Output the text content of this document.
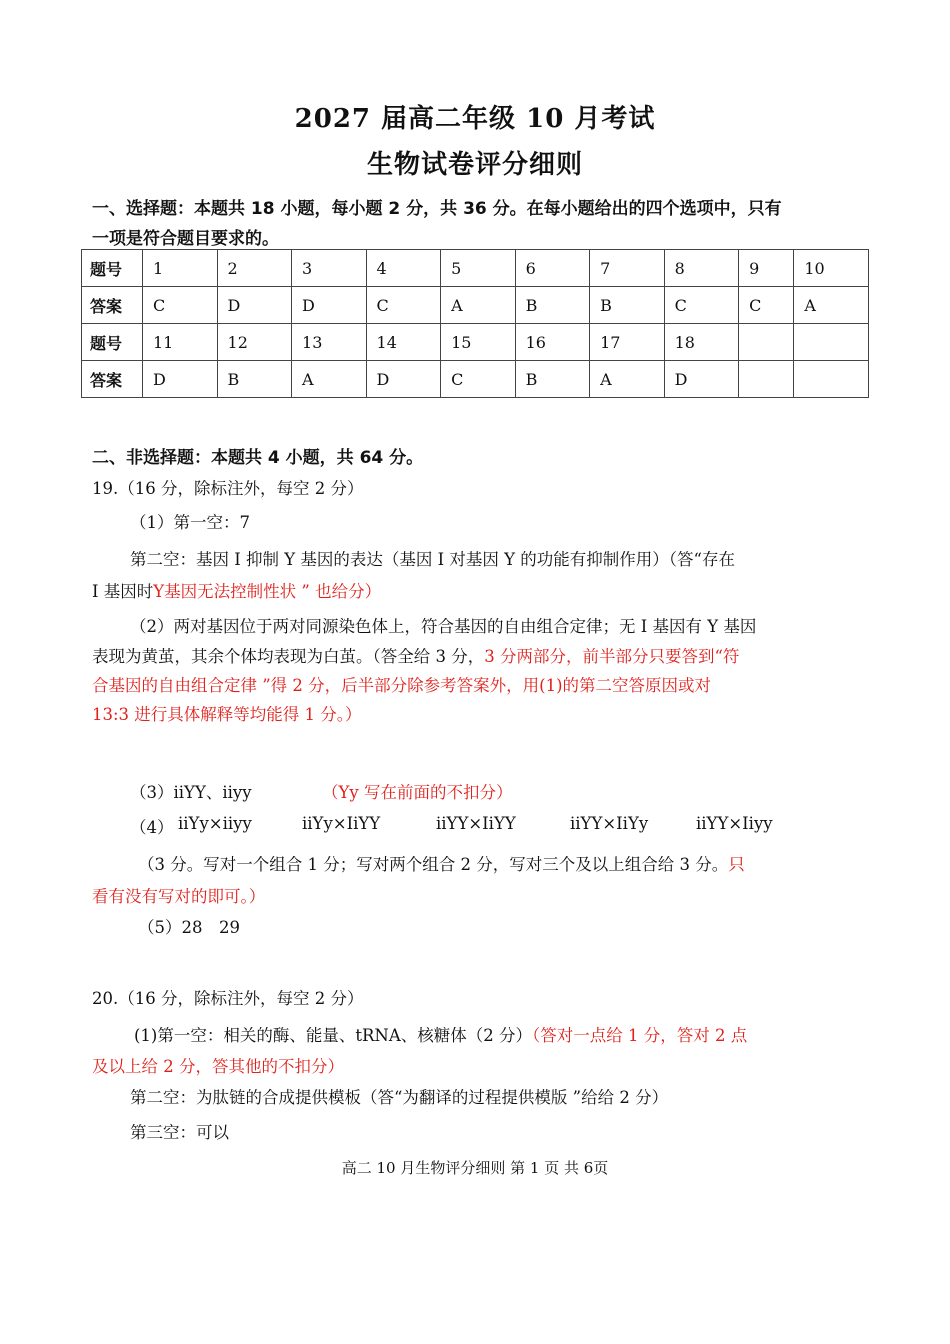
2027 届高二年级 10 月考试
生物试卷评分细则
一、选择题：本题共 18 小题，每小题 2 分，共 36 分。在每小题给出的四个选项中，只有
一项是符合题目要求的。
题号	1	2	3	4	5	6	7	8	9	10
答案	C	D	D	C	A	B	B	C	C	A
题号	11	12	13	14	15	16	17	18		
答案	D	B	A	D	C	B	A	D		
二、非选择题：本题共 4 小题，共 64 分。
19.（16 分，除标注外，每空 2 分）
（1）第一空：7
第二空：基因 I 抑制 Y 基因的表达（基因 I 对基因 Y 的功能有抑制作用）（答“存在
I 基因时Y基因无法控制性状 ” 也给分）
（2）两对基因位于两对同源染色体上，符合基因的自由组合定律；无 I 基因有 Y 基因
表现为黄茧，其余个体均表现为白茧。（答全给 3 分，3 分两部分，前半部分只要答到“符
合基因的自由组合定律 ”得 2 分，后半部分除参考答案外，用(1)的第二空答原因或对
13:3 进行具体解释等均能得 1 分。）
（3）iiYY、iiyy	（Yy 写在前面的不扣分）
（4） iiYy×iiyy	iiYy×IiYY	iiYY×IiYY	iiYY×IiYy	iiYY×Iiyy
（3 分。写对一个组合 1 分；写对两个组合 2 分，写对三个及以上组合给 3 分。只
看有没有写对的即可。）
（5）28　29
20.（16 分，除标注外，每空 2 分）
(1)第一空：相关的酶、能量、tRNA、核糖体（2 分）（答对一点给 1 分，答对 2 点
及以上给 2 分，答其他的不扣分）
第二空：为肽链的合成提供模板（答“为翻译的过程提供模版 ”给给 2 分）
第三空：可以
高二 10 月生物评分细则 第 1 页 共 6页
